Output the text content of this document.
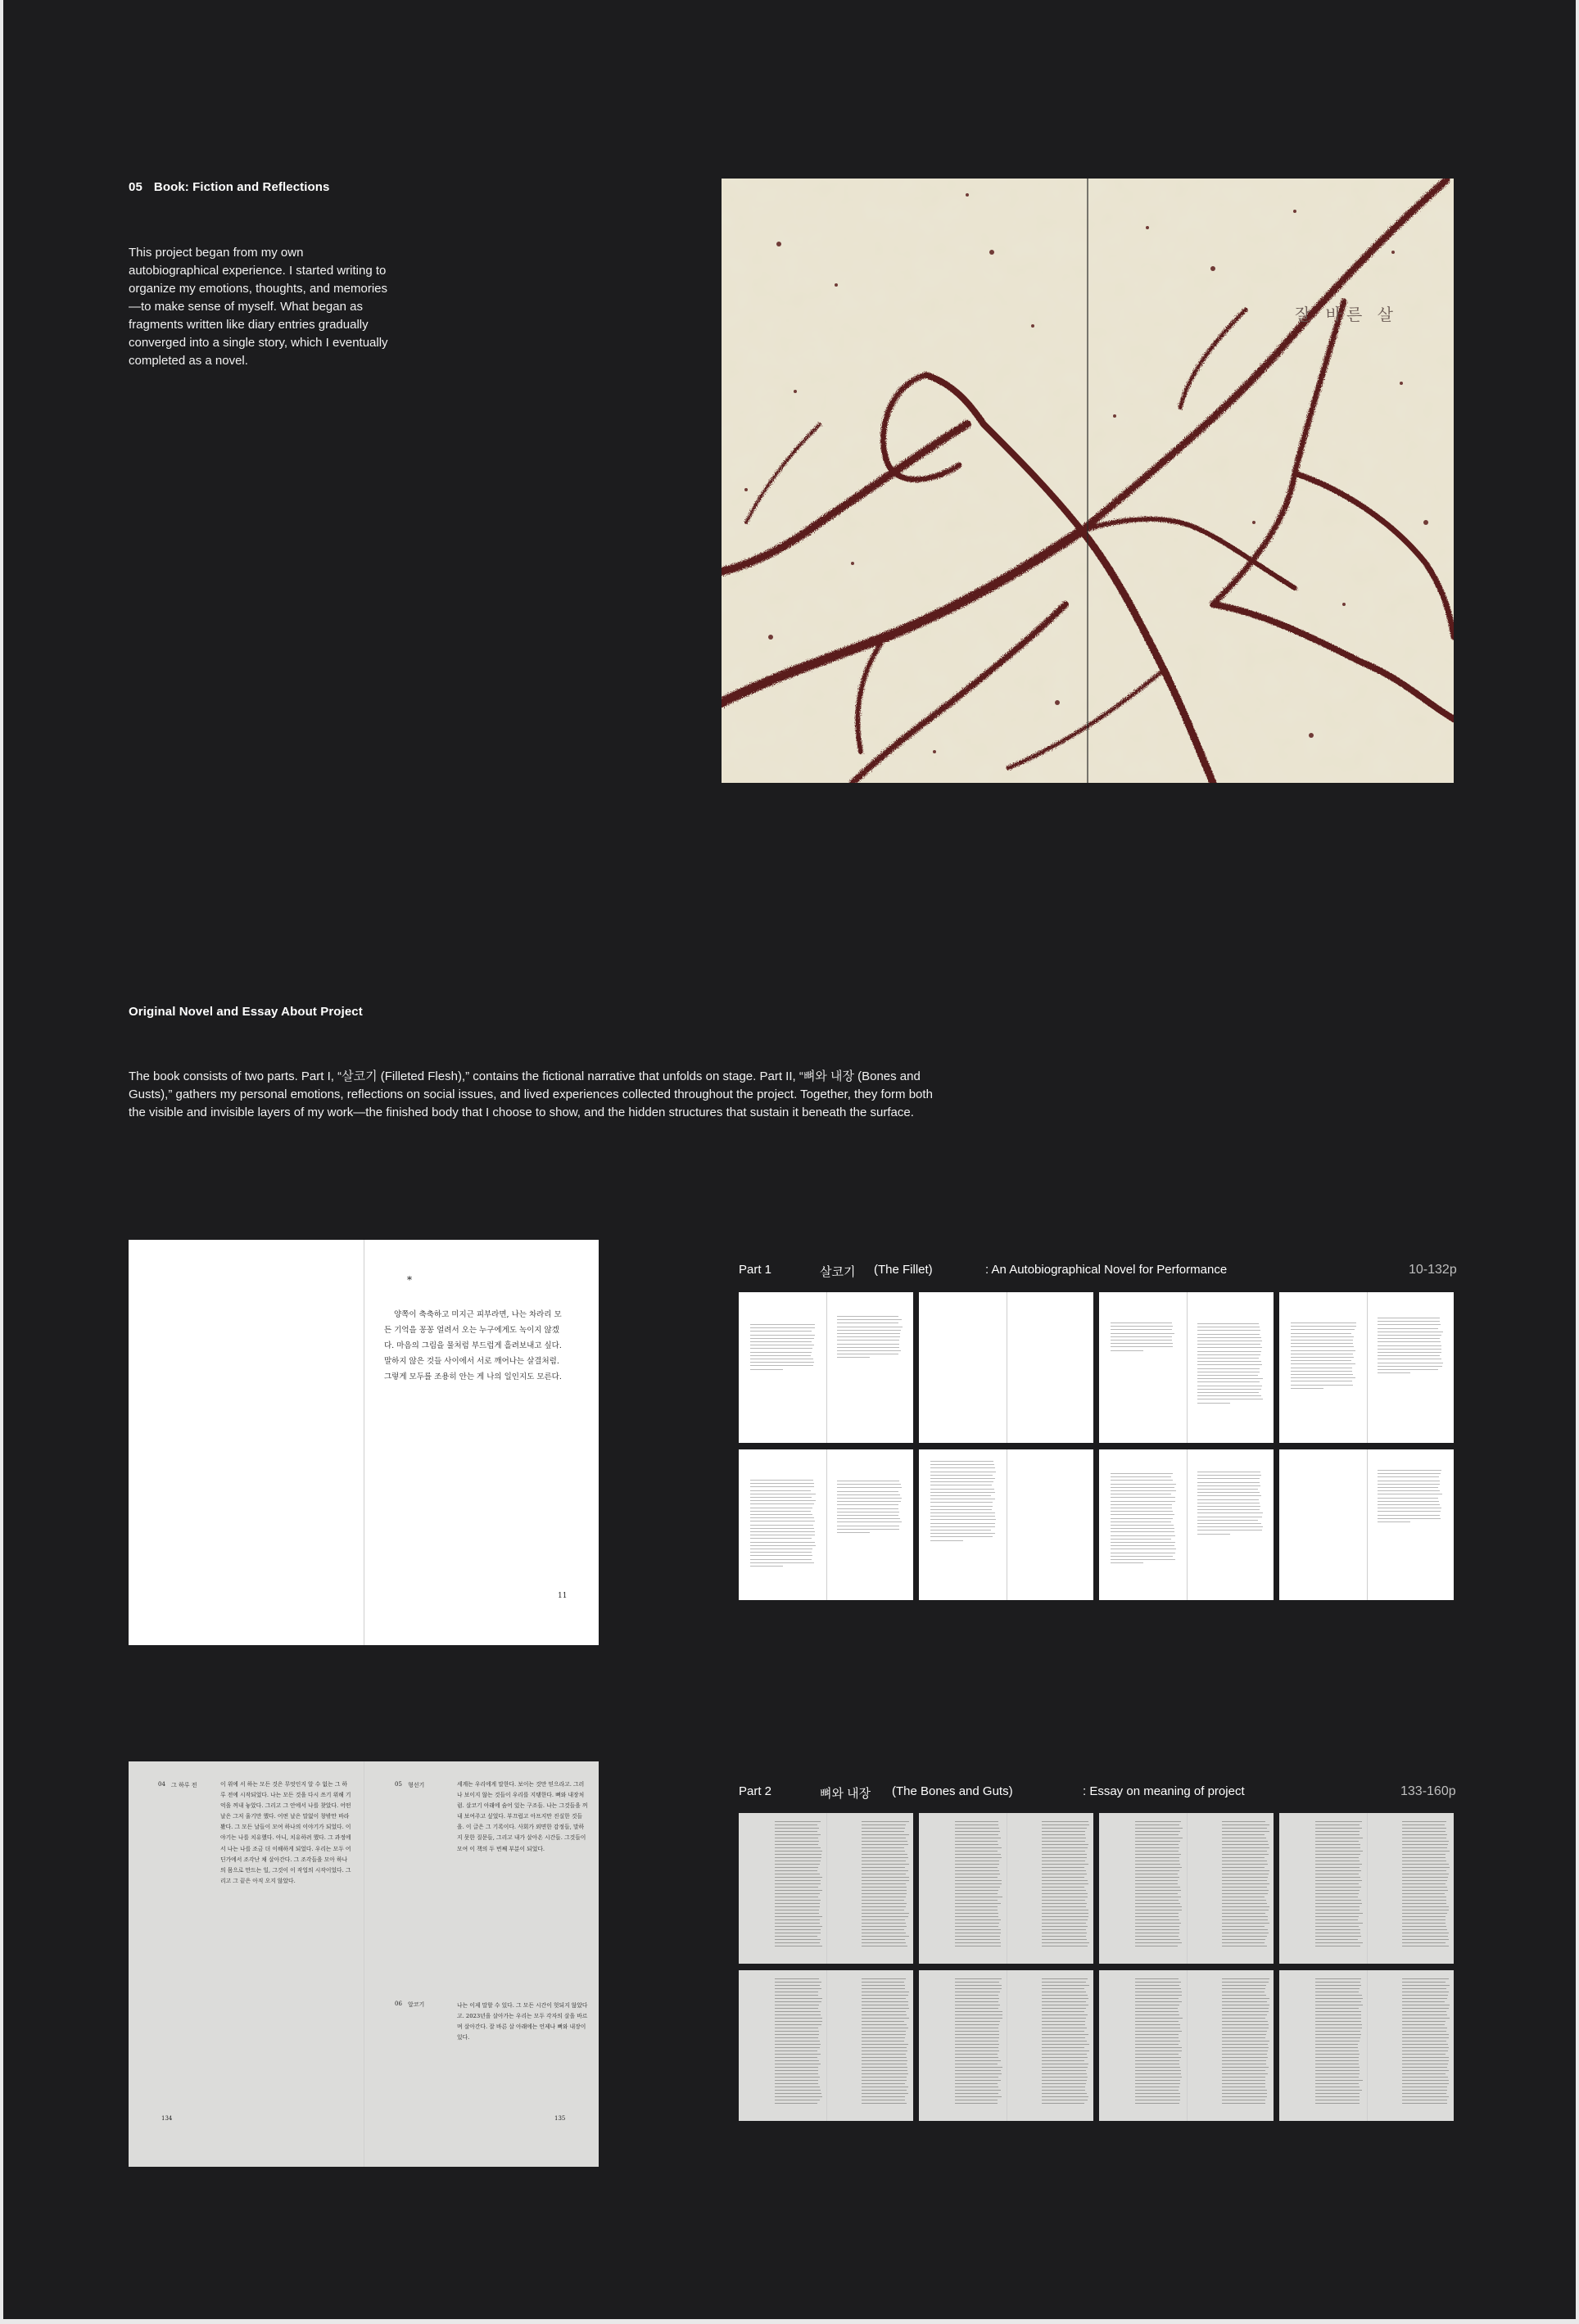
05 Book: Fiction and Reflections
This project began from my own autobiographical experience. I started writing to organize my emotions, thoughts, and memories—to make sense of myself. What began as fragments written like diary entries gradually converged into a single story, which I eventually completed as a novel.
잘 바른 살
Original Novel and Essay About Project
The book consists of two parts. Part I, “살코기 (Filleted Flesh),” contains the fictional narrative that unfolds on stage. Part II, “뼈와 내장 (Bones and Gusts),” gathers my personal emotions, reflections on social issues, and lived experiences collected throughout the project. Together, they form both the visible and invisible layers of my work—the finished body that I choose to show, and the hidden structures that sustain it beneath the surface.
*
양쪽이 축축하고 미지근 피부라면, 나는 차라리 모든 기억을 꽁꽁 얼려서 오는 누구에게도 녹이지 않겠다. 마음의 그림을 물처럼 부드럽게 흘려보내고 싶다. 말하지 않은 것들 사이에서 서로 깨어나는 살결처럼. 그렇게 모두를 조용히 안는 게 나의 일인지도 모른다.
11
Part 1	살코기 (The Fillet)	: An Autobiographical Novel for Performance	10-132p
04 그 하루 전	이 위에 서 하는 모든 것은 무엇인지 알 수 없는 그 하루 전에 시작되었다. 나는 모든 것을 다시 쓰기 위해 기억을 꺼내 놓았다. 그리고 그 안에서 나를 찾았다. 어떤 날은 그저 울기만 했다. 어떤 날은 말없이 창밖만 바라봤다. 그 모든 날들이 모여 하나의 이야기가 되었다. 이야기는 나를 치유했다. 아니, 치유하려 했다. 그 과정에서 나는 나를 조금 더 이해하게 되었다. 우리는 모두 어딘가에서 조각난 채 살아간다. 그 조각들을 모아 하나의 몸으로 만드는 일, 그것이 이 작업의 시작이었다. 그리고 그 끝은 아직 오지 않았다.
134
05 형선기	세계는 우리에게 말한다. 보이는 것만 믿으라고. 그러나 보이지 않는 것들이 우리를 지탱한다. 뼈와 내장처럼. 살코기 아래에 숨어 있는 구조들. 나는 그것들을 꺼내 보여주고 싶었다. 부끄럽고 아프지만 진실한 것들을. 이 글은 그 기록이다. 사회가 외면한 감정들, 말하지 못한 질문들, 그리고 내가 살아온 시간들. 그것들이 모여 이 책의 두 번째 부분이 되었다.
06 알코기	나는 이제 말할 수 있다. 그 모든 시간이 헛되지 않았다고. 2023년을 살아가는 우리는 모두 각자의 살을 바르며 살아간다. 잘 바른 살 아래에는 언제나 뼈와 내장이 있다.
135
Part 2	뼈와 내장 (The Bones and Guts)	: Essay on meaning of project	133-160p
